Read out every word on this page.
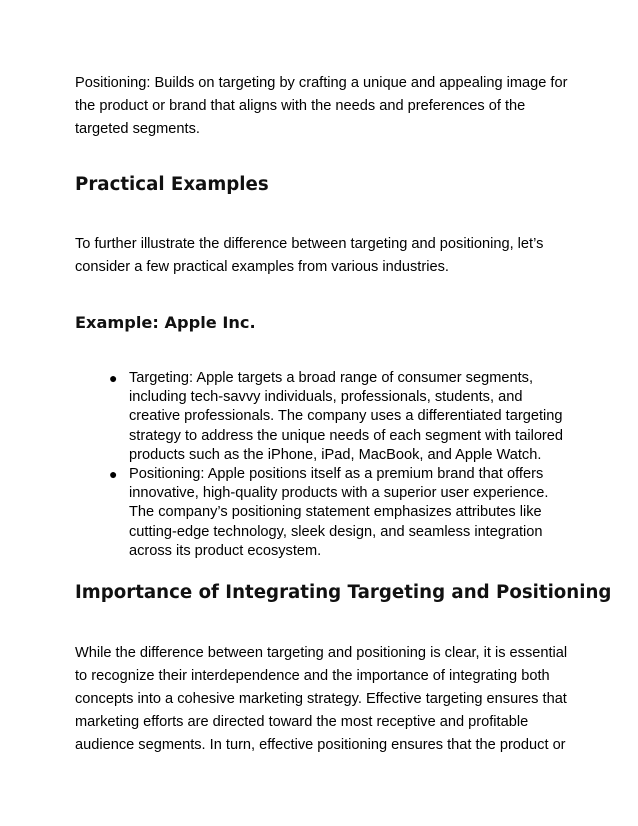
Positioning: Builds on targeting by crafting a unique and appealing image for the product or brand that aligns with the needs and preferences of the targeted segments.

Practical Examples

To further illustrate the difference between targeting and positioning, let’s consider a few practical examples from various industries.

Example: Apple Inc.
● Targeting: Apple targets a broad range of consumer segments, including tech-savvy individuals, professionals, students, and creative professionals. The company uses a differentiated targeting strategy to address the unique needs of each segment with tailored products such as the iPhone, iPad, MacBook, and Apple Watch.
● Positioning: Apple positions itself as a premium brand that offers innovative, high-quality products with a superior user experience. The company’s positioning statement emphasizes attributes like cutting-edge technology, sleek design, and seamless integration across its product ecosystem.
Importance of Integrating Targeting and Positioning

While the difference between targeting and positioning is clear, it is essential to recognize their interdependence and the importance of integrating both concepts into a cohesive marketing strategy. Effective targeting ensures that marketing efforts are directed toward the most receptive and profitable audience segments. In turn, effective positioning ensures that the product or
